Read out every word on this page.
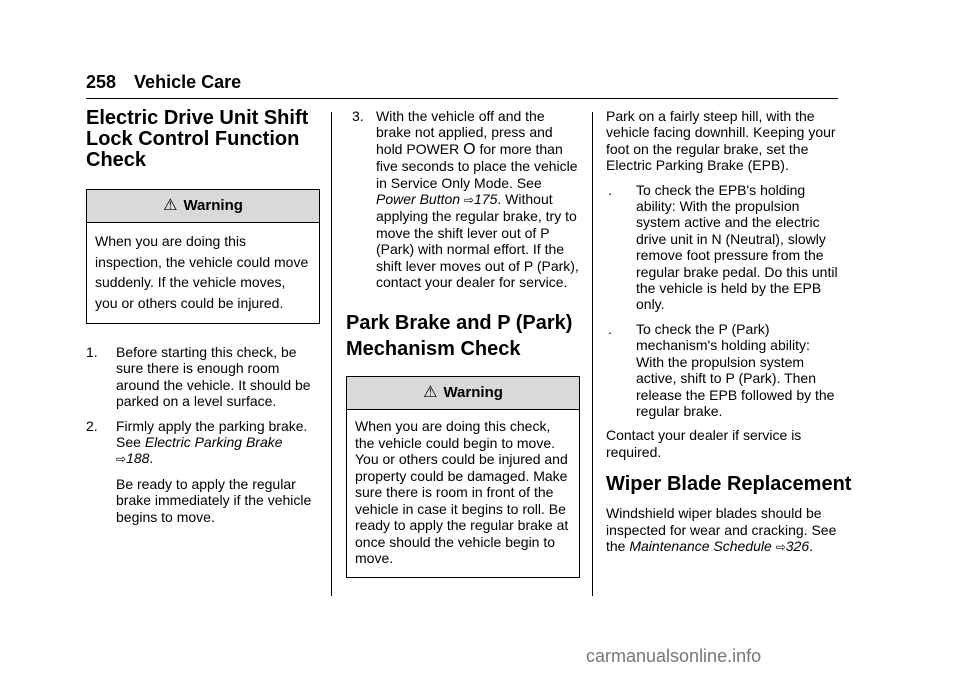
258 Vehicle Care
Electric Drive Unit Shift Lock Control Function Check
⚠ Warning
When you are doing this inspection, the vehicle could move suddenly. If the vehicle moves, you or others could be injured.
1. Before starting this check, be sure there is enough room around the vehicle. It should be parked on a level surface.
2. Firmly apply the parking brake. See Electric Parking Brake ⇨188.
Be ready to apply the regular brake immediately if the vehicle begins to move.
3. With the vehicle off and the brake not applied, press and hold POWER O for more than five seconds to place the vehicle in Service Only Mode. See Power Button ⇨175. Without applying the regular brake, try to move the shift lever out of P (Park) with normal effort. If the shift lever moves out of P (Park), contact your dealer for service.
Park Brake and P (Park) Mechanism Check
⚠ Warning
When you are doing this check, the vehicle could begin to move. You or others could be injured and property could be damaged. Make sure there is room in front of the vehicle in case it begins to roll. Be ready to apply the regular brake at once should the vehicle begin to move.

Park on a fairly steep hill, with the vehicle facing downhill. Keeping your foot on the regular brake, set the Electric Parking Brake (EPB).

. To check the EPB's holding ability: With the propulsion system active and the electric drive unit in N (Neutral), slowly remove foot pressure from the regular brake pedal. Do this until the vehicle is held by the EPB only.
. To check the P (Park) mechanism's holding ability: With the propulsion system active, shift to P (Park). Then release the EPB followed by the regular brake.

Contact your dealer if service is required.

Wiper Blade Replacement

Windshield wiper blades should be inspected for wear and cracking. See the Maintenance Schedule ⇨326.

carmanualsonline.info
